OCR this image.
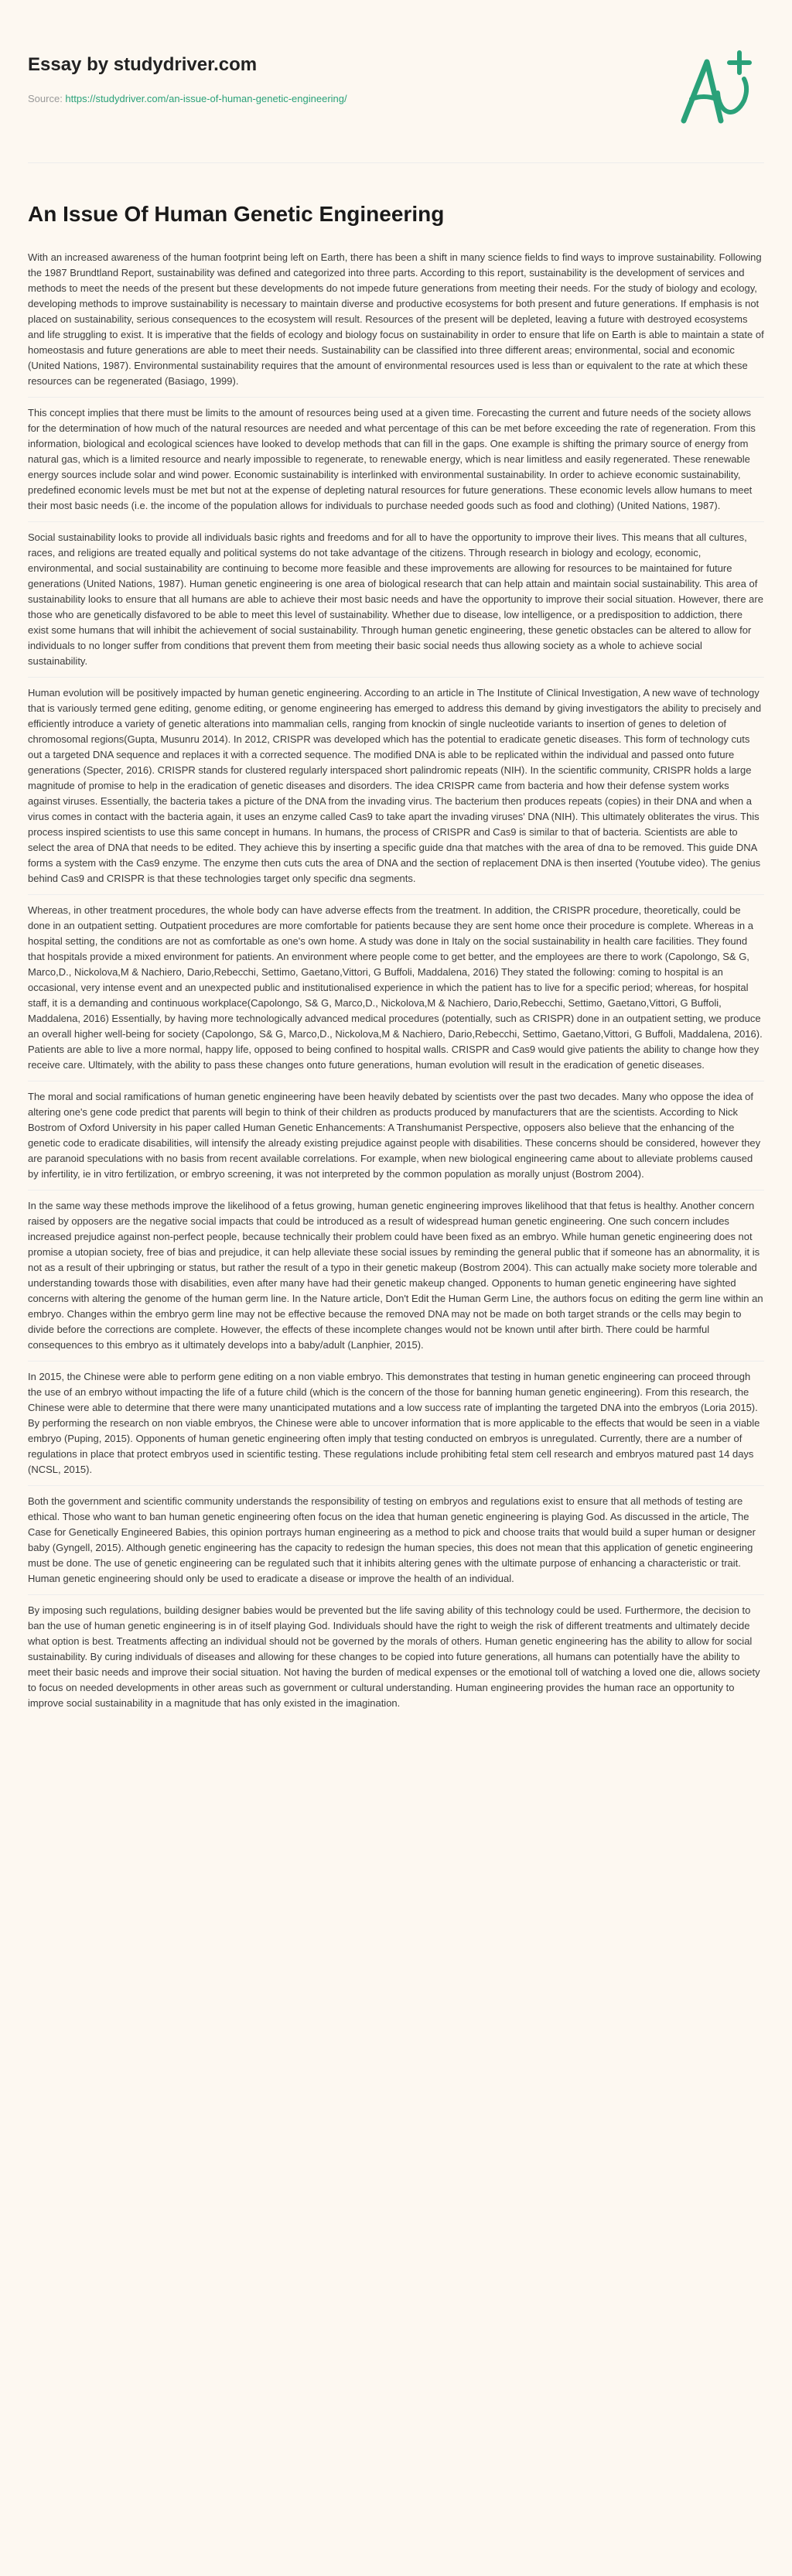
Essay by studydriver.com
Source: https://studydriver.com/an-issue-of-human-genetic-engineering/
An Issue Of Human Genetic Engineering

With an increased awareness of the human footprint being left on Earth, there has been a shift in many science fields to find ways to improve sustainability. Following the 1987 Brundtland Report, sustainability was defined and categorized into three parts. According to this report, sustainability is the development of services and methods to meet the needs of the present but these developments do not impede future generations from meeting their needs. For the study of biology and ecology, developing methods to improve sustainability is necessary to maintain diverse and productive ecosystems for both present and future generations. If emphasis is not placed on sustainability, serious consequences to the ecosystem will result. Resources of the present will be depleted, leaving a future with destroyed ecosystems and life struggling to exist. It is imperative that the fields of ecology and biology focus on sustainability in order to ensure that life on Earth is able to maintain a state of homeostasis and future generations are able to meet their needs. Sustainability can be classified into three different areas; environmental, social and economic (United Nations, 1987). Environmental sustainability requires that the amount of environmental resources used is less than or equivalent to the rate at which these resources can be regenerated (Basiago, 1999).

This concept implies that there must be limits to the amount of resources being used at a given time. Forecasting the current and future needs of the society allows for the determination of how much of the natural resources are needed and what percentage of this can be met before exceeding the rate of regeneration. From this information, biological and ecological sciences have looked to develop methods that can fill in the gaps. One example is shifting the primary source of energy from natural gas, which is a limited resource and nearly impossible to regenerate, to renewable energy, which is near limitless and easily regenerated. These renewable energy sources include solar and wind power. Economic sustainability is interlinked with environmental sustainability. In order to achieve economic sustainability, predefined economic levels must be met but not at the expense of depleting natural resources for future generations. These economic levels allow humans to meet their most basic needs (i.e. the income of the population allows for individuals to purchase needed goods such as food and clothing) (United Nations, 1987).

Social sustainability looks to provide all individuals basic rights and freedoms and for all to have the opportunity to improve their lives. This means that all cultures, races, and religions are treated equally and political systems do not take advantage of the citizens. Through research in biology and ecology, economic, environmental, and social sustainability are continuing to become more feasible and these improvements are allowing for resources to be maintained for future generations (United Nations, 1987). Human genetic engineering is one area of biological research that can help attain and maintain social sustainability. This area of sustainability looks to ensure that all humans are able to achieve their most basic needs and have the opportunity to improve their social situation. However, there are those who are genetically disfavored to be able to meet this level of sustainability. Whether due to disease, low intelligence, or a predisposition to addiction, there exist some humans that will inhibit the achievement of social sustainability. Through human genetic engineering, these genetic obstacles can be altered to allow for individuals to no longer suffer from conditions that prevent them from meeting their basic social needs thus allowing society as a whole to achieve social sustainability.

Human evolution will be positively impacted by human genetic engineering. According to an article in The Institute of Clinical Investigation, A new wave of technology that is variously termed gene editing, genome editing, or genome engineering has emerged to address this demand by giving investigators the ability to precisely and efficiently introduce a variety of genetic alterations into mammalian cells, ranging from knockin of single nucleotide variants to insertion of genes to deletion of chromosomal regions(Gupta, Musunru 2014). In 2012, CRISPR was developed which has the potential to eradicate genetic diseases. This form of technology cuts out a targeted DNA sequence and replaces it with a corrected sequence. The modified DNA is able to be replicated within the individual and passed onto future generations (Specter, 2016). CRISPR stands for clustered regularly interspaced short palindromic repeats (NIH). In the scientific community, CRISPR holds a large magnitude of promise to help in the eradication of genetic diseases and disorders. The idea CRISPR came from bacteria and how their defense system works against viruses. Essentially, the bacteria takes a picture of the DNA from the invading virus. The bacterium then produces repeats (copies) in their DNA and when a virus comes in contact with the bacteria again, it uses an enzyme called Cas9 to take apart the invading viruses' DNA (NIH). This ultimately obliterates the virus. This process inspired scientists to use this same concept in humans. In humans, the process of CRISPR and Cas9 is similar to that of bacteria. Scientists are able to select the area of DNA that needs to be edited. They achieve this by inserting a specific guide dna that matches with the area of dna to be removed. This guide DNA forms a system with the Cas9 enzyme. The enzyme then cuts cuts the area of DNA and the section of replacement DNA is then inserted (Youtube video). The genius behind Cas9 and CRISPR is that these technologies target only specific dna segments.

Whereas, in other treatment procedures, the whole body can have adverse effects from the treatment. In addition, the CRISPR procedure, theoretically, could be done in an outpatient setting. Outpatient procedures are more comfortable for patients because they are sent home once their procedure is complete. Whereas in a hospital setting, the conditions are not as comfortable as one's own home. A study was done in Italy on the social sustainability in health care facilities. They found that hospitals provide a mixed environment for patients. An environment where people come to get better, and the employees are there to work (Capolongo, S& G, Marco,D., Nickolova,M & Nachiero, Dario,Rebecchi, Settimo, Gaetano,Vittori, G Buffoli, Maddalena, 2016) They stated the following: coming to hospital is an occasional, very intense event and an unexpected public and institutionalised experience in which the patient has to live for a specific period; whereas, for hospital staff, it is a demanding and continuous workplace(Capolongo, S& G, Marco,D., Nickolova,M & Nachiero, Dario,Rebecchi, Settimo, Gaetano,Vittori, G Buffoli, Maddalena, 2016) Essentially, by having more technologically advanced medical procedures (potentially, such as CRISPR) done in an outpatient setting, we produce an overall higher well-being for society (Capolongo, S& G, Marco,D., Nickolova,M & Nachiero, Dario,Rebecchi, Settimo, Gaetano,Vittori, G Buffoli, Maddalena, 2016). Patients are able to live a more normal, happy life, opposed to being confined to hospital walls. CRISPR and Cas9 would give patients the ability to change how they receive care. Ultimately, with the ability to pass these changes onto future generations, human evolution will result in the eradication of genetic diseases.

The moral and social ramifications of human genetic engineering have been heavily debated by scientists over the past two decades. Many who oppose the idea of altering one's gene code predict that parents will begin to think of their children as products produced by manufacturers that are the scientists. According to Nick Bostrom of Oxford University in his paper called Human Genetic Enhancements: A Transhumanist Perspective, opposers also believe that the enhancing of the genetic code to eradicate disabilities, will intensify the already existing prejudice against people with disabilities. These concerns should be considered, however they are paranoid speculations with no basis from recent available correlations. For example, when new biological engineering came about to alleviate problems caused by infertility, ie in vitro fertilization, or embryo screening, it was not interpreted by the common population as morally unjust (Bostrom 2004).

In the same way these methods improve the likelihood of a fetus growing, human genetic engineering improves likelihood that that fetus is healthy. Another concern raised by opposers are the negative social impacts that could be introduced as a result of widespread human genetic engineering. One such concern includes increased prejudice against non-perfect people, because technically their problem could have been fixed as an embryo. While human genetic engineering does not promise a utopian society, free of bias and prejudice, it can help alleviate these social issues by reminding the general public that if someone has an abnormality, it is not as a result of their upbringing or status, but rather the result of a typo in their genetic makeup (Bostrom 2004). This can actually make society more tolerable and understanding towards those with disabilities, even after many have had their genetic makeup changed. Opponents to human genetic engineering have sighted concerns with altering the genome of the human germ line. In the Nature article, Don't Edit the Human Germ Line, the authors focus on editing the germ line within an embryo. Changes within the embryo germ line may not be effective because the removed DNA may not be made on both target strands or the cells may begin to divide before the corrections are complete. However, the effects of these incomplete changes would not be known until after birth. There could be harmful consequences to this embryo as it ultimately develops into a baby/adult (Lanphier, 2015).

In 2015, the Chinese were able to perform gene editing on a non viable embryo. This demonstrates that testing in human genetic engineering can proceed through the use of an embryo without impacting the life of a future child (which is the concern of the those for banning human genetic engineering). From this research, the Chinese were able to determine that there were many unanticipated mutations and a low success rate of implanting the targeted DNA into the embryos (Loria 2015). By performing the research on non viable embryos, the Chinese were able to uncover information that is more applicable to the effects that would be seen in a viable embryo (Puping, 2015). Opponents of human genetic engineering often imply that testing conducted on embryos is unregulated. Currently, there are a number of regulations in place that protect embryos used in scientific testing. These regulations include prohibiting fetal stem cell research and embryos matured past 14 days (NCSL, 2015).

Both the government and scientific community understands the responsibility of testing on embryos and regulations exist to ensure that all methods of testing are ethical. Those who want to ban human genetic engineering often focus on the idea that human genetic engineering is playing God. As discussed in the article, The Case for Genetically Engineered Babies, this opinion portrays human engineering as a method to pick and choose traits that would build a super human or designer baby (Gyngell, 2015). Although genetic engineering has the capacity to redesign the human species, this does not mean that this application of genetic engineering must be done. The use of genetic engineering can be regulated such that it inhibits altering genes with the ultimate purpose of enhancing a characteristic or trait. Human genetic engineering should only be used to eradicate a disease or improve the health of an individual.

By imposing such regulations, building designer babies would be prevented but the life saving ability of this technology could be used. Furthermore, the decision to ban the use of human genetic engineering is in of itself playing God. Individuals should have the right to weigh the risk of different treatments and ultimately decide what option is best. Treatments affecting an individual should not be governed by the morals of others. Human genetic engineering has the ability to allow for social sustainability. By curing individuals of diseases and allowing for these changes to be copied into future generations, all humans can potentially have the ability to meet their basic needs and improve their social situation. Not having the burden of medical expenses or the emotional toll of watching a loved one die, allows society to focus on needed developments in other areas such as government or cultural understanding. Human engineering provides the human race an opportunity to improve social sustainability in a magnitude that has only existed in the imagination.
